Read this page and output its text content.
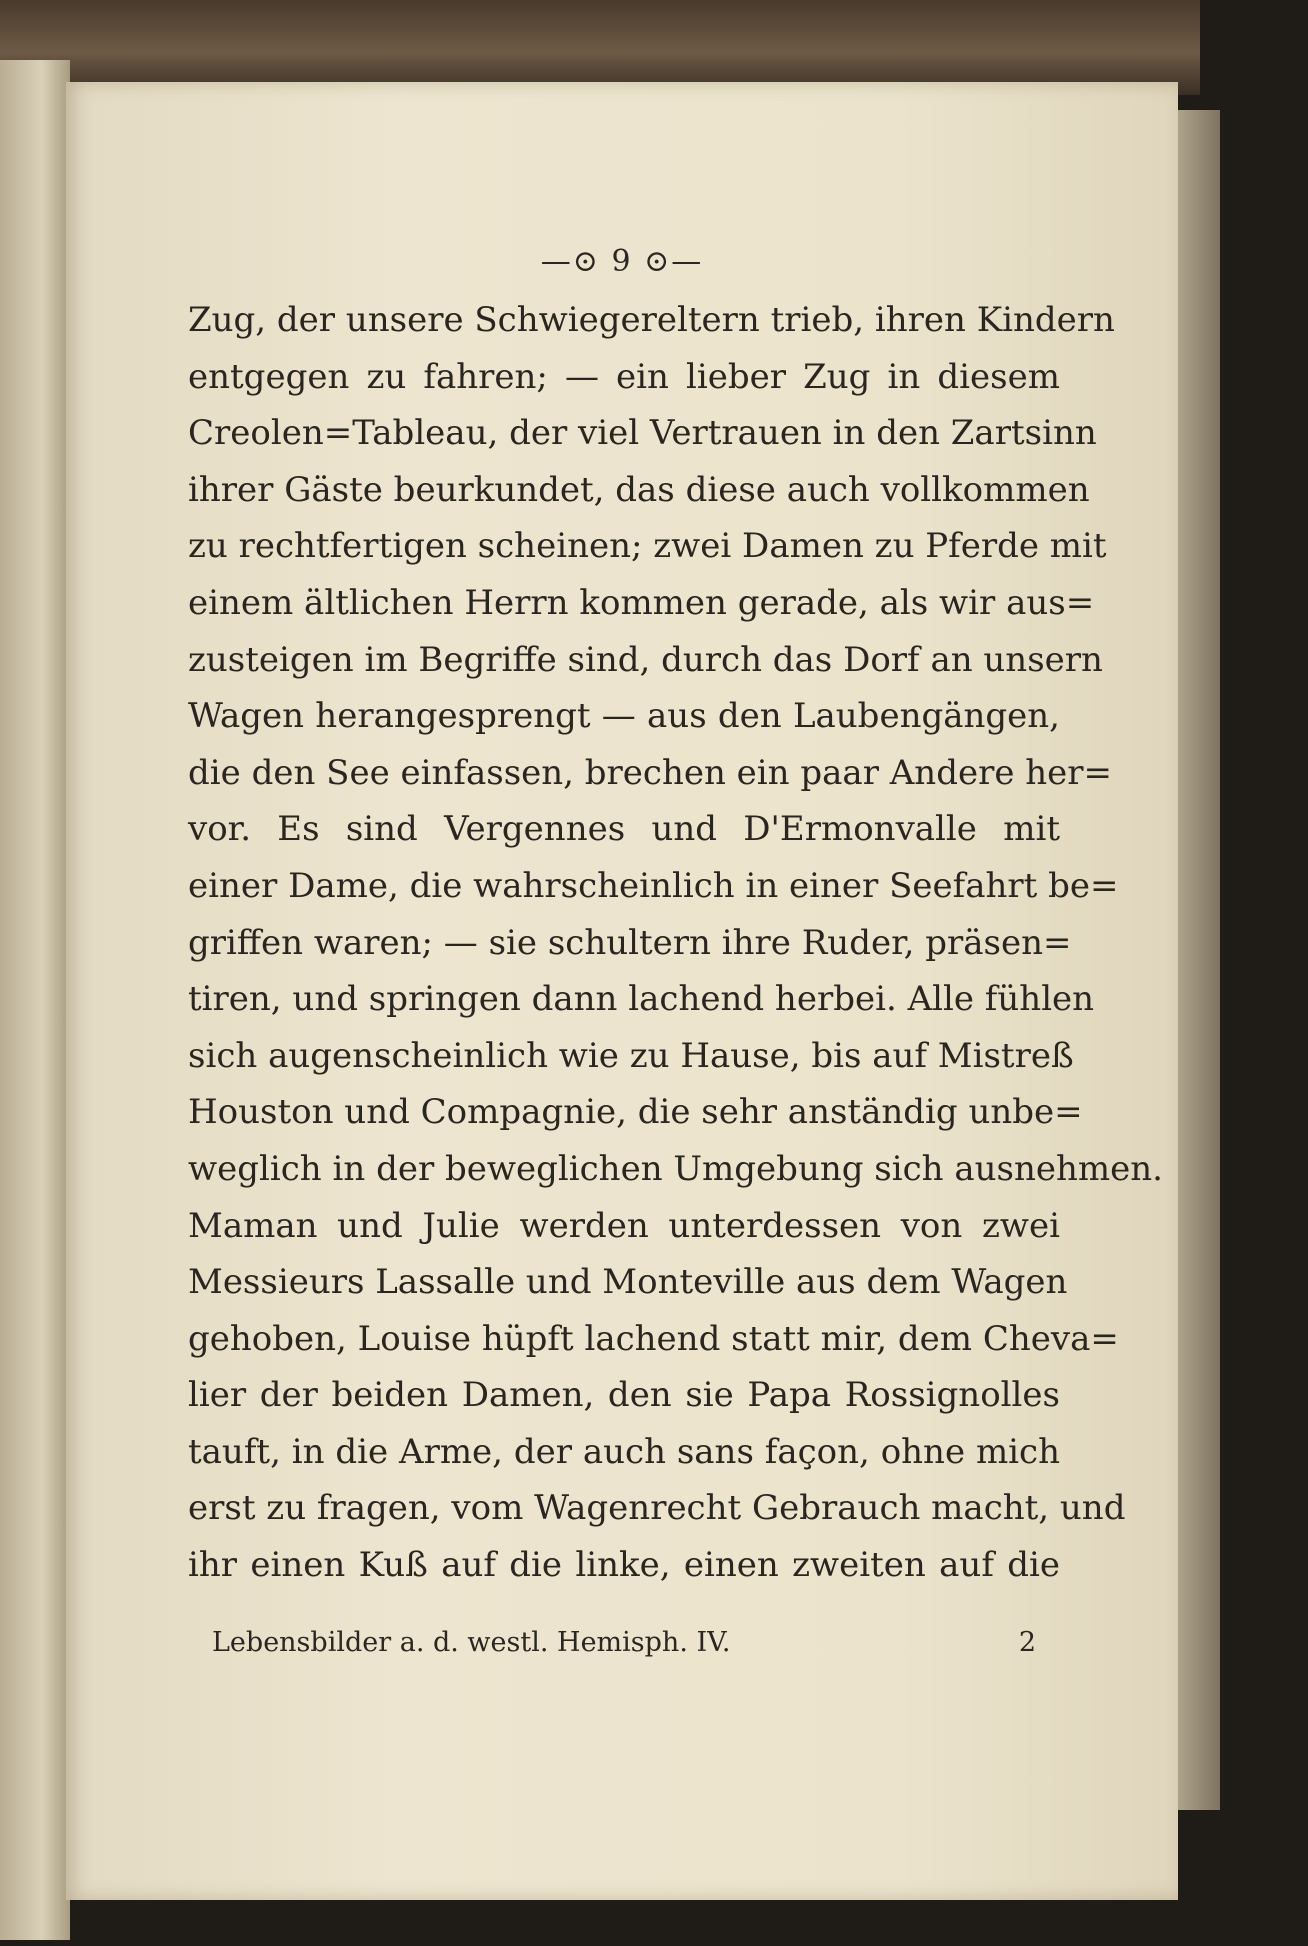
—⊙ 9 ⊙—
Zug, der unsere Schwiegereltern trieb, ihren Kindern
entgegen zu fahren; — ein lieber Zug in diesem
Creolen=Tableau, der viel Vertrauen in den Zartsinn
ihrer Gäste beurkundet, das diese auch vollkommen
zu rechtfertigen scheinen; zwei Damen zu Pferde mit
einem ältlichen Herrn kommen gerade, als wir aus=
zusteigen im Begriffe sind, durch das Dorf an unsern
Wagen herangesprengt — aus den Laubengängen,
die den See einfassen, brechen ein paar Andere her=
vor. Es sind Vergennes und D'Ermonvalle mit
einer Dame, die wahrscheinlich in einer Seefahrt be=
griffen waren; — sie schultern ihre Ruder, präsen=
tiren, und springen dann lachend herbei. Alle fühlen
sich augenscheinlich wie zu Hause, bis auf Mistreß
Houston und Compagnie, die sehr anständig unbe=
weglich in der beweglichen Umgebung sich ausnehmen.
Maman und Julie werden unterdessen von zwei
Messieurs Lassalle und Monteville aus dem Wagen
gehoben, Louise hüpft lachend statt mir, dem Cheva=
lier der beiden Damen, den sie Papa Rossignolles
tauft, in die Arme, der auch sans façon, ohne mich
erst zu fragen, vom Wagenrecht Gebrauch macht, und
ihr einen Kuß auf die linke, einen zweiten auf die
Lebensbilder a. d. westl. Hemisph. IV.	2
